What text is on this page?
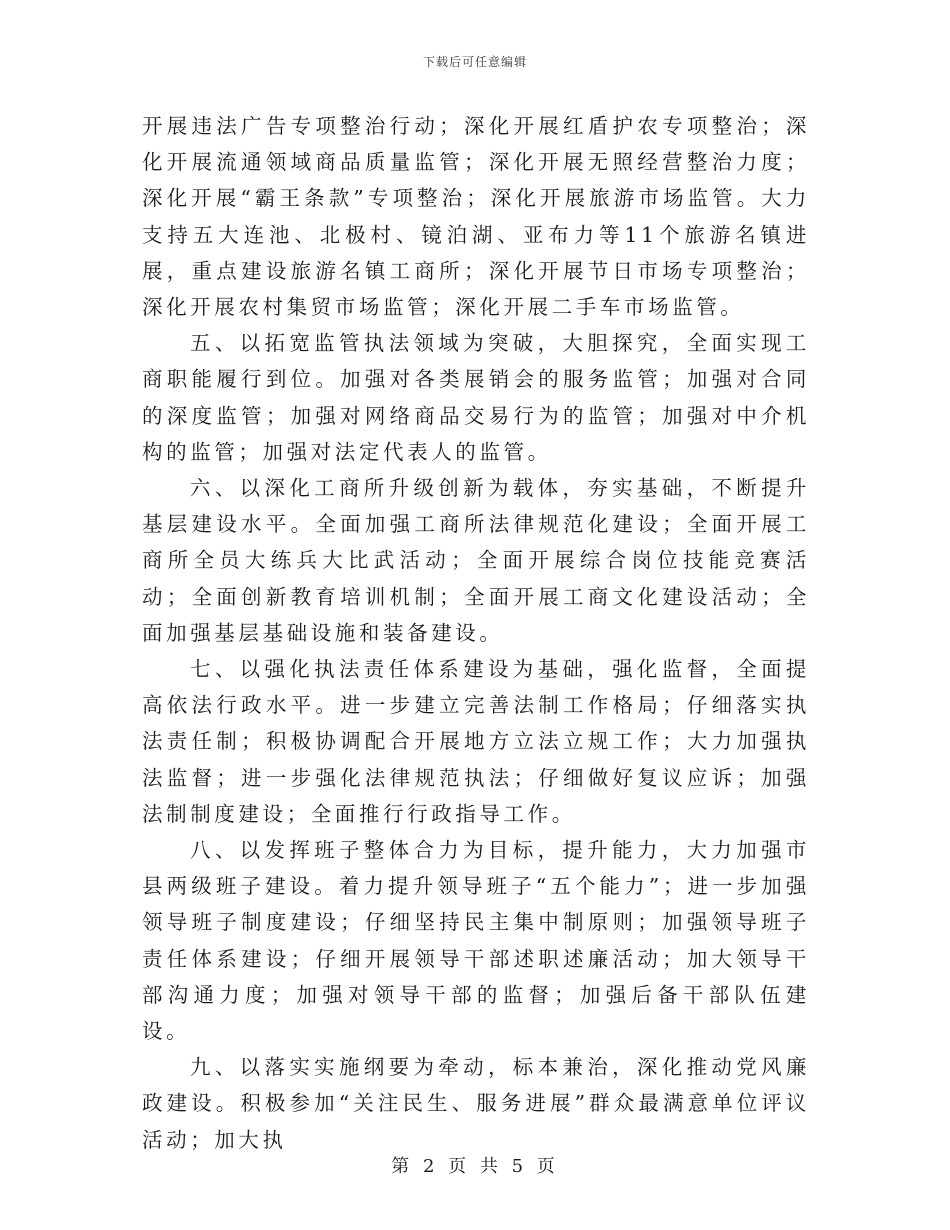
下载后可任意编辑

开展违法广告专项整治行动；深化开展红盾护农专项整治；深化开展流通领域商品质量监管；深化开展无照经营整治力度；深化开展“霸王条款”专项整治；深化开展旅游市场监管。大力支持五大连池、北极村、镜泊湖、亚布力等11个旅游名镇进展，重点建设旅游名镇工商所；深化开展节日市场专项整治；深化开展农村集贸市场监管；深化开展二手车市场监管。

五、以拓宽监管执法领域为突破，大胆探究，全面实现工商职能履行到位。加强对各类展销会的服务监管；加强对合同的深度监管；加强对网络商品交易行为的监管；加强对中介机构的监管；加强对法定代表人的监管。

六、以深化工商所升级创新为载体，夯实基础，不断提升基层建设水平。全面加强工商所法律规范化建设；全面开展工商所全员大练兵大比武活动；全面开展综合岗位技能竞赛活动；全面创新教育培训机制；全面开展工商文化建设活动；全面加强基层基础设施和装备建设。

七、以强化执法责任体系建设为基础，强化监督，全面提高依法行政水平。进一步建立完善法制工作格局；仔细落实执法责任制；积极协调配合开展地方立法立规工作；大力加强执法监督；进一步强化法律规范执法；仔细做好复议应诉；加强法制制度建设；全面推行行政指导工作。

八、以发挥班子整体合力为目标，提升能力，大力加强市县两级班子建设。着力提升领导班子“五个能力”；进一步加强领导班子制度建设；仔细坚持民主集中制原则；加强领导班子责任体系建设；仔细开展领导干部述职述廉活动；加大领导干部沟通力度；加强对领导干部的监督；加强后备干部队伍建设。

九、以落实实施纲要为牵动，标本兼治，深化推动党风廉政建设。积极参加“关注民生、服务进展”群众最满意单位评议活动；加大执

第 2 页 共 5 页
